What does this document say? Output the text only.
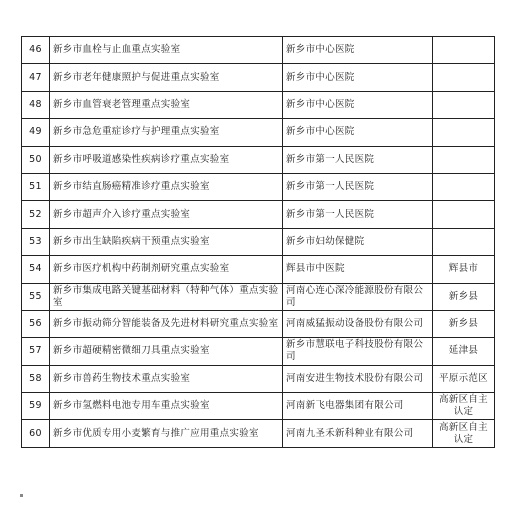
46	新乡市血栓与止血重点实验室	新乡市中心医院	
47	新乡市老年健康照护与促进重点实验室	新乡市中心医院	
48	新乡市血管衰老管理重点实验室	新乡市中心医院	
49	新乡市急危重症诊疗与护理重点实验室	新乡市中心医院	
50	新乡市呼吸道感染性疾病诊疗重点实验室	新乡市第一人民医院	
51	新乡市结直肠癌精准诊疗重点实验室	新乡市第一人民医院	
52	新乡市超声介入诊疗重点实验室	新乡市第一人民医院	
53	新乡市出生缺陷疾病干预重点实验室	新乡市妇幼保健院	
54	新乡市医疗机构中药制剂研究重点实验室	辉县市中医院	辉县市
55	新乡市集成电路关键基础材料（特种气体）重点实验室	河南心连心深冷能源股份有限公司	新乡县
56	新乡市振动筛分智能装备及先进材料研究重点实验室	河南威猛振动设备股份有限公司	新乡县
57	新乡市超硬精密微细刀具重点实验室	新乡市慧联电子科技股份有限公司	延津县
58	新乡市兽药生物技术重点实验室	河南安进生物技术股份有限公司	平原示范区
59	新乡市氢燃料电池专用车重点实验室	河南新飞电器集团有限公司	高新区自主认定
60	新乡市优质专用小麦繁育与推广应用重点实验室	河南九圣禾新科种业有限公司	高新区自主认定
